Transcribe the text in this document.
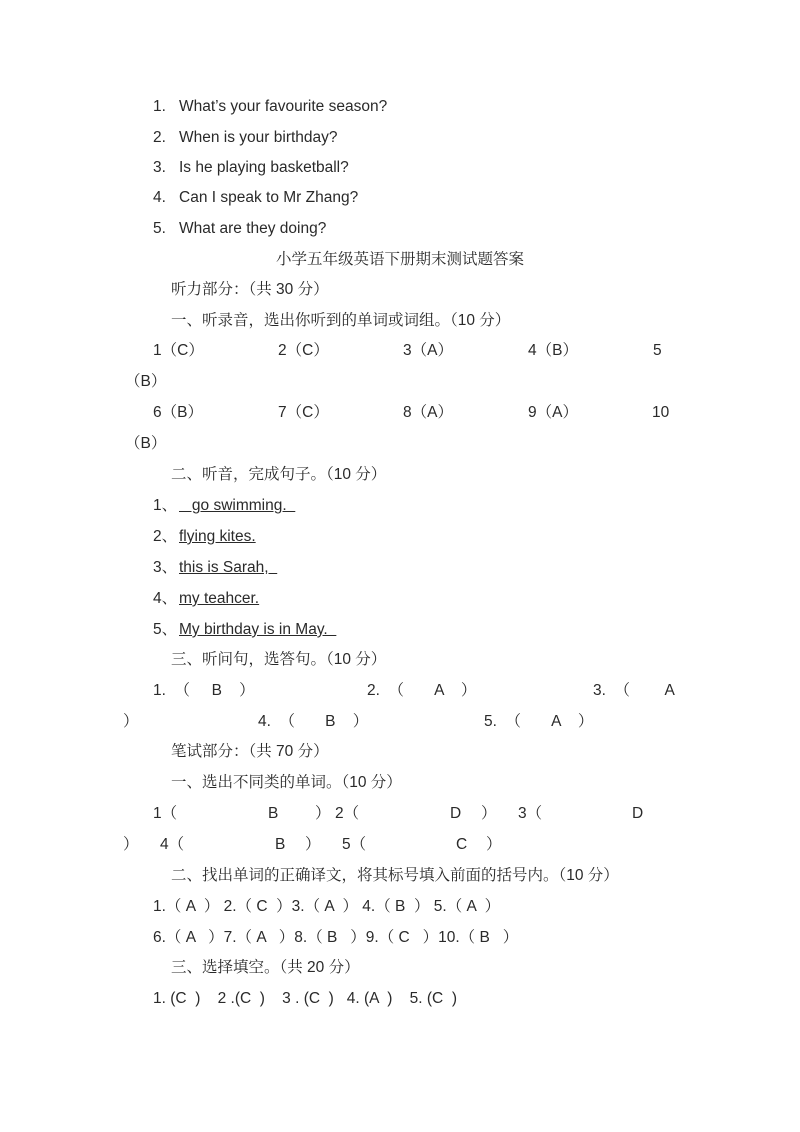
1. What’s your favourite season?
2. When is your birthday?
3. Is he playing basketball?
4. Can I speak to Mr Zhang?
5. What are they doing?
小学五年级英语下册期末测试题答案
听力部分：（共 30 分）
一、听录音，选出你听到的单词或词组。（10 分）
1（C）	2（C）	3（A）	4（B）	5
（B）
6（B）	7（C）	8（A）	9（A）	10
（B）
二、听音，完成句子。（10 分）
1、 go swimming.
2、 flying kites.
3、 this is Sarah,
4、 my teahcer.
5、 My birthday is in May.
三、听问句，选答句。（10 分）
1.  （     B    ）	2.  （       A    ）	3.  （        A
）	4.  （       B    ）	5.  （       A    ）
笔试部分：（共 70 分）
一、选出不同类的单词。（10 分）
1（	B ） 2（	D ） 3（	D
） 4（	B ） 5（	C ）
二、找出单词的正确译文，将其标号填入前面的括号内。（10 分）
1.（ A  ） 2.（ C  ）3.（ A  ） 4.（ B  ） 5.（ A  ）
6.（ A   ）7.（ A   ）8.（ B   ）9.（ C   ）10.（ B   ）
三、选择填空。（共 20 分）
1. (C  )    2 .(C  )    3 . (C  )   4. (A  )    5. (C  )
